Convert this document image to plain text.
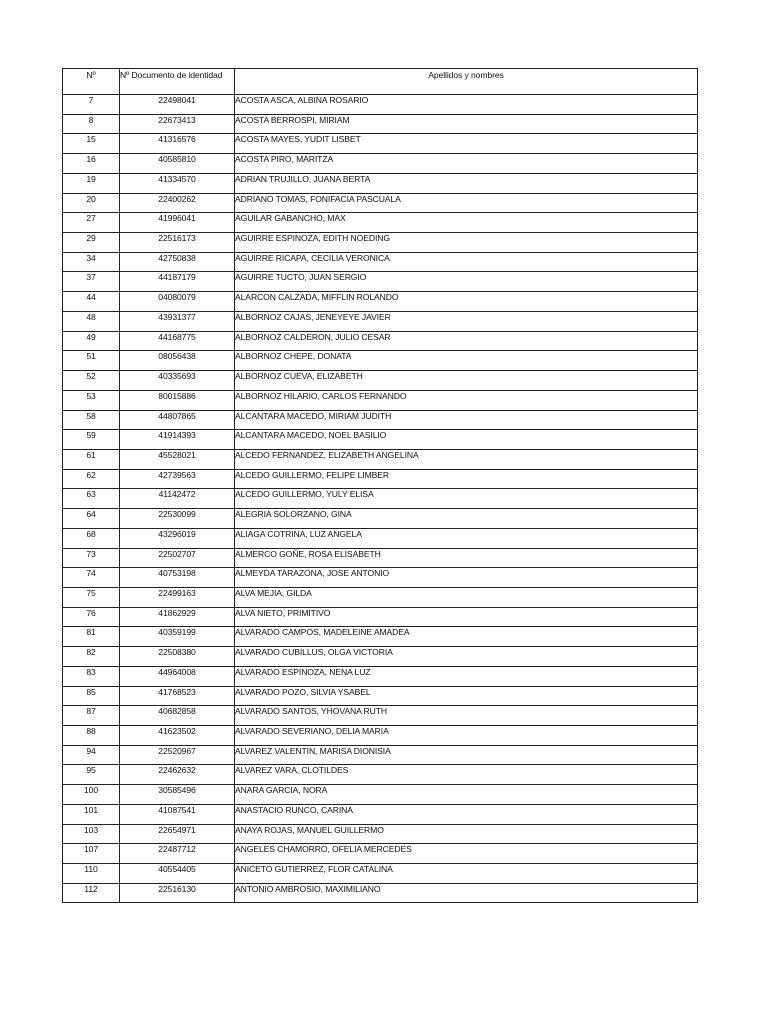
Nº	Nº Documento de identidad	Apellidos y nombres
7	22498041	ACOSTA ASCA, ALBINA ROSARIO
8	22673413	ACOSTA BERROSPI, MIRIAM
15	41316576	ACOSTA MAYES, YUDIT LISBET
16	40585810	ACOSTA PIRO, MARITZA
19	41334570	ADRIAN TRUJILLO, JUANA BERTA
20	22400262	ADRIANO TOMAS, FONIFACIA PASCUALA
27	41996041	AGUILAR GABANCHO, MAX
29	22516173	AGUIRRE ESPINOZA, EDITH NOEDING
34	42750838	AGUIRRE RICAPA, CECILIA VERONICA
37	44187179	AGUIRRE TUCTO, JUAN SERGIO
44	04080079	ALARCON CALZADA, MIFFLIN ROLANDO
48	43931377	ALBORNOZ CAJAS, JENEYEYE JAVIER
49	44168775	ALBORNOZ CALDERON, JULIO CESAR
51	08056438	ALBORNOZ CHEPE, DONATA
52	40335693	ALBORNOZ CUEVA, ELIZABETH
53	80015886	ALBORNOZ HILARIO, CARLOS FERNANDO
58	44807865	ALCANTARA MACEDO, MIRIAM JUDITH
59	41914393	ALCANTARA MACEDO, NOEL BASILIO
61	45528021	ALCEDO FERNANDEZ, ELIZABETH ANGELINA
62	42739563	ALCEDO GUILLERMO, FELIPE LIMBER
63	41142472	ALCEDO GUILLERMO, YULY ELISA
64	22530099	ALEGRIA SOLORZANO, GINA
68	43296019	ALIAGA COTRINA, LUZ ANGELA
73	22502707	ALMERCO GOÑE, ROSA ELISABETH
74	40753198	ALMEYDA TARAZONA, JOSE ANTONIO
75	22499163	ALVA MEJIA, GILDA
76	41862929	ALVA NIETO, PRIMITIVO
81	40359199	ALVARADO CAMPOS, MADELEINE AMADEA
82	22508380	ALVARADO CUBILLUS, OLGA VICTORIA
83	44964008	ALVARADO ESPINOZA, NENA LUZ
85	41768523	ALVARADO POZO, SILVIA YSABEL
87	40682858	ALVARADO SANTOS, YHOVANA RUTH
88	41623502	ALVARADO SEVERIANO, DELIA MARIA
94	22520967	ALVAREZ VALENTIN, MARISA DIONISIA
95	22462632	ALVAREZ VARA, CLOTILDES
100	30585496	ANARA GARCIA, NORA
101	41087541	ANASTACIO RUNCO, CARINA
103	22654971	ANAYA ROJAS, MANUEL GUILLERMO
107	22487712	ANGELES CHAMORRO, OFELIA MERCEDES
110	40554405	ANICETO GUTIERREZ, FLOR CATALINA
112	22516130	ANTONIO AMBROSIO, MAXIMILIANO
